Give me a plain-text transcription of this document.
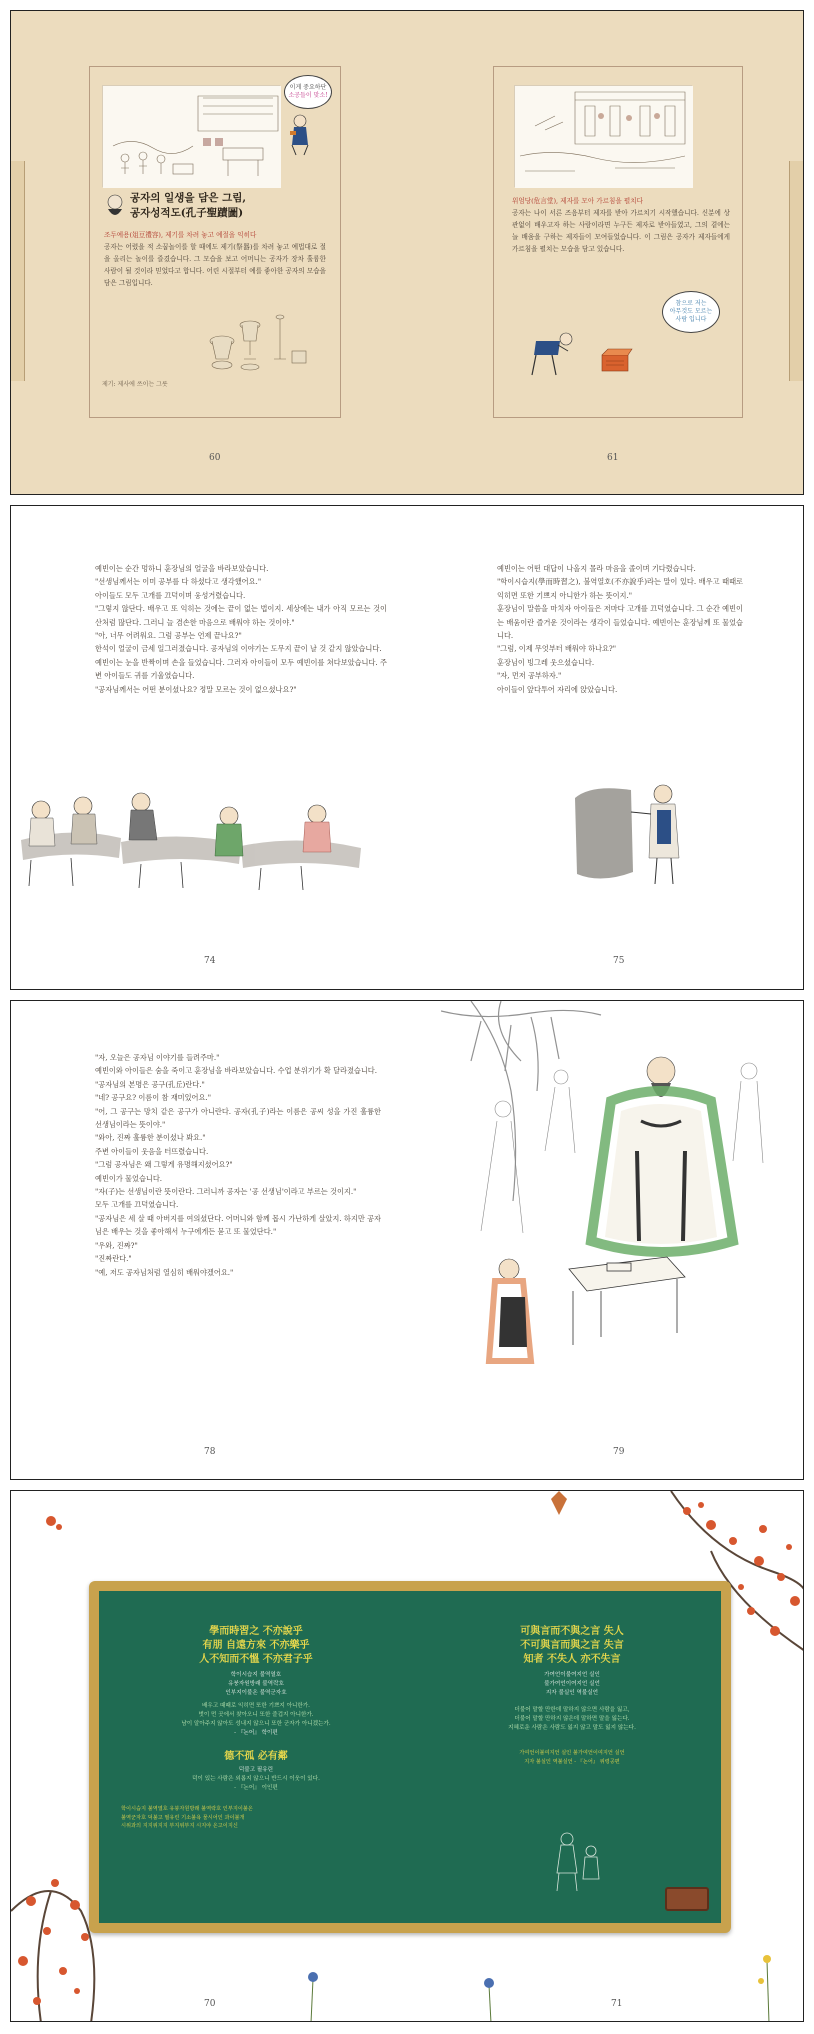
이게 중요하단
소공들이 맞소!
공자의 일생을 담은 그림,
공자성적도(孔子聖蹟圖)
조두예용(俎豆禮容), 제기를 차려 놓고 예절을 익히다
공자는 어렸을 적 소꿉놀이를 할 때에도 제기(祭器)를 차려 놓고 예법대로 절을 올리는 놀이를 즐겼습니다. 그 모습을 보고 어머니는 공자가 장차 훌륭한 사람이 될 것이라 믿었다고 합니다. 어린 시절부터 예를 좋아한 공자의 모습을 담은 그림입니다.
제기: 제사에 쓰이는 그릇
위엄당(危言堂), 제자를 모아 가르침을 펼치다
공자는 나이 서른 즈음부터 제자를 받아 가르치기 시작했습니다. 신분에 상관없이 배우고자 하는 사람이라면 누구든 제자로 받아들였고, 그의 곁에는 늘 배움을 구하는 제자들이 모여들었습니다. 이 그림은 공자가 제자들에게 가르침을 펼치는 모습을 담고 있습니다.
참으로 저는
아무것도 모르는
사람 입니다
60	61

예빈이는 순간 멍하니 훈장님의 얼굴을 바라보았습니다.

"선생님께서는 이미 공부를 다 하셨다고 생각했어요."

아이들도 모두 고개를 끄덕이며 웅성거렸습니다.

"그렇지 않단다. 배우고 또 익히는 것에는 끝이 없는 법이지. 세상에는 내가 아직 모르는 것이 산처럼 많단다. 그러니 늘 겸손한 마음으로 배워야 하는 것이야."

"아, 너무 어려워요. 그럼 공부는 언제 끝나요?"

한석이 얼굴이 금세 일그러졌습니다. 공자님의 이야기는 도무지 끝이 날 것 같지 않았습니다.

예빈이는 눈을 반짝이며 손을 들었습니다. 그러자 아이들이 모두 예빈이를 쳐다보았습니다. 주변 아이들도 귀를 기울였습니다.

"공자님께서는 어떤 분이셨나요? 정말 모르는 것이 없으셨나요?"

예빈이는 어떤 대답이 나올지 몰라 마음을 졸이며 기다렸습니다.

"학이시습지(學而時習之), 불역열호(不亦說乎)라는 말이 있다. 배우고 때때로 익히면 또한 기쁘지 아니한가 하는 뜻이지."

훈장님이 말씀을 마치자 아이들은 저마다 고개를 끄덕였습니다. 그 순간 예빈이는 배움이란 즐거운 것이라는 생각이 들었습니다. 예빈이는 훈장님께 또 물었습니다.

"그럼, 이제 무엇부터 배워야 하나요?"

훈장님이 빙그레 웃으셨습니다.

"자, 먼저 공부하자."

아이들이 앞다투어 자리에 앉았습니다.

74	75

"자, 오늘은 공자님 이야기를 들려주마."

예빈이와 아이들은 숨을 죽이고 훈장님을 바라보았습니다. 수업 분위기가 확 달라졌습니다.

"공자님의 본명은 공구(孔丘)란다."

"네? 공구요? 이름이 참 재미있어요."

"어, 그 공구는 망치 같은 공구가 아니란다. 공자(孔子)라는 이름은 공씨 성을 가진 훌륭한 선생님이라는 뜻이야."

"와아, 진짜 훌륭한 분이셨나 봐요."

주변 아이들이 웃음을 터뜨렸습니다.

"그럼 공자님은 왜 그렇게 유명해지셨어요?"

예빈이가 물었습니다.

"자(子)는 선생님이란 뜻이란다. 그러니까 공자는 '공 선생님'이라고 부르는 것이지."

모두 고개를 끄덕였습니다.

"공자님은 세 살 때 아버지를 여의셨단다. 어머니와 함께 몹시 가난하게 살았지. 하지만 공자님은 배우는 것을 좋아해서 누구에게든 묻고 또 물었단다."

"우와, 진짜?"

"진짜란다."

"예, 저도 공자님처럼 열심히 배워야겠어요."

78	79
學而時習之 不亦說乎
有朋 自遠方來 不亦樂乎
人不知而不慍 不亦君子乎
학이시습지 불역열호
유붕자원방래 불역락호
인부지이불온 불역군자호
배우고 때때로 익히면 또한 기쁘지 아니한가.
벗이 먼 곳에서 찾아오니 또한 즐겁지 아니한가.
남이 알아주지 않아도 성내지 않으니 또한 군자가 아니겠는가.
- 『논어』 학이편
德不孤 必有鄰
덕불고 필유린
덕이 있는 사람은 외롭지 않으니 반드시 이웃이 있다.
- 『논어』 이인편
학이시습지 불역열호 유붕자원방래 불역락호 인부지이불온
불역군자호 덕불고 필유린 기소불욕 물시어인 과이불개
시위과의 지지위지지 부지위부지 시지야 온고이지신
可與言而不與之言 失人
不可與言而與之言 失言
知者 不失人 亦不失言
가여언이불여지언 실인
불가여언이여지언 실언
지자 불실인 역불실언
더불어 말할 만한데 말하지 않으면 사람을 잃고,
더불어 말할 만하지 않은데 말하면 말을 잃는다.
지혜로운 사람은 사람도 잃지 않고 말도 잃지 않는다.
가여언이불여지언 실인 불가여언이여지언 실언
지자 불실인 역불실언 - 『논어』 위령공편
70	71
